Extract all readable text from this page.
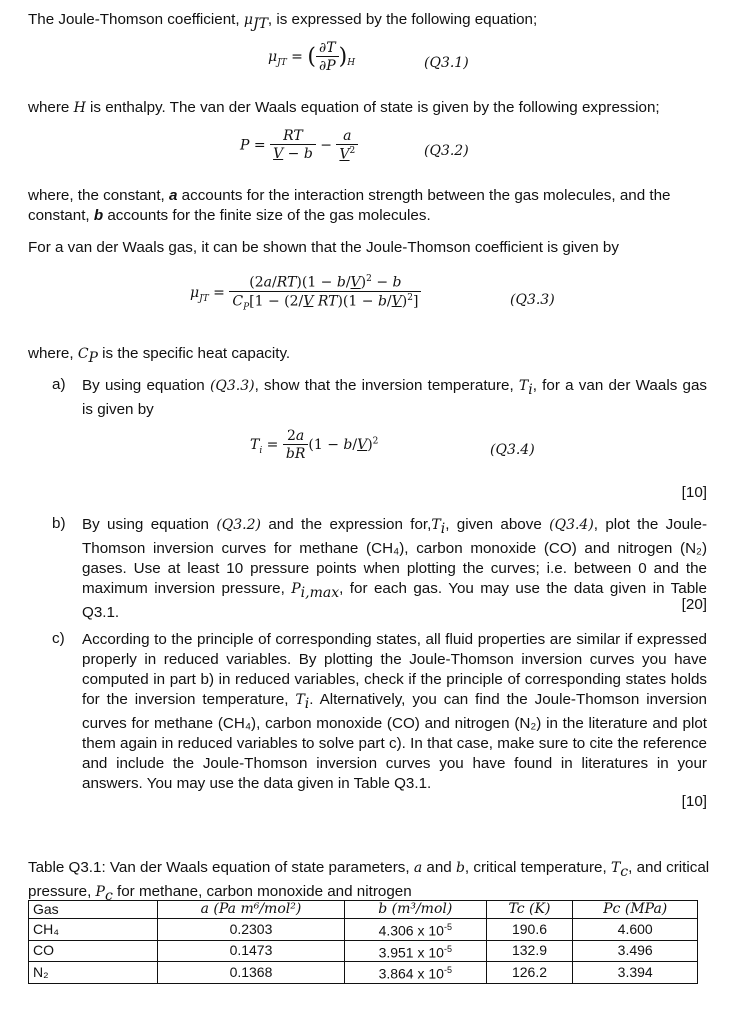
The Joule-Thomson coefficient, $\mu_{JT}$, is expressed by the following equation;
$\mu_{JT}$ = ( $\frac{\partial T}{\partial P} )_H$	(Q3.1)
where H is enthalpy. The van der Waals equation of state is given by the following expression;
$P = \frac{RT}{V - b} - \frac{a}{V^2}$	(Q3.2)
where, the constant, a accounts for the interaction strength between the gas molecules, and the constant, b accounts for the finite size of the gas molecules.
For a van der Waals gas, it can be shown that the Joule-Thomson coefficient is given by
$\mu_{JT} = \frac{(2a/RT)(1 - b/V)^2 - b}{C_P[1 - (2/V RT)(1 - b/V)^2]}$	(Q3.3)
where, $C_P$ is the specific heat capacity.
a) By using equation (Q3.3), show that the inversion temperature, $T_i$, for a van der Waals gas is given by
$T_i = \frac{2a}{bR} (1 - b/V)^2$
(Q3.4)
[10]
b) By using equation (Q3.2) and the expression $for,T_i$, given above (Q3.4), plot the Joule-Thomson inversion curves for methane (CH₄), carbon monoxide (CO) and nitrogen (N₂) gases. Use at least 10 pressure points when plotting the curves; i.e. between 0 and the maximum inversion pressure, $P_{i,max}$, for each gas. You may use the data given in Table Q3.1.	[20]
c) According to the principle of corresponding states, all fluid properties are similar if expressed properly in reduced variables. By plotting the Joule-Thomson inversion curves you have computed in part b) in reduced variables, check if the principle of corresponding states holds for the inversion temperature, $T_i$. Alternatively, you can find the Joule-Thomson inversion curves for methane (CH₄), carbon monoxide (CO) and nitrogen (N₂) in the literature and plot them again in reduced variables to solve part c). In that case, make sure to cite the reference and include the Joule-Thomson inversion curves you have found in literatures in your answers. You may use the data given in Table Q3.1.
[10]
Table Q3.1: Van der Waals equation of state parameters, a and b, critical temperature, $T_c$, and critical pressure, $P_c$ for methane, carbon monoxide and nitrogen
Gas	a (Pa m⁶/mol²)	b (m³/mol)	Tc (K)	Pc (MPa)
CH₄	0.2303	4.306 x $10^{-5}$	190.6	4.600
CO	0.1473	3.951 x $10^{-5}$	132.9	3.496
N₂	0.1368	3.864 x $10^{-5}$	126.2	3.394
